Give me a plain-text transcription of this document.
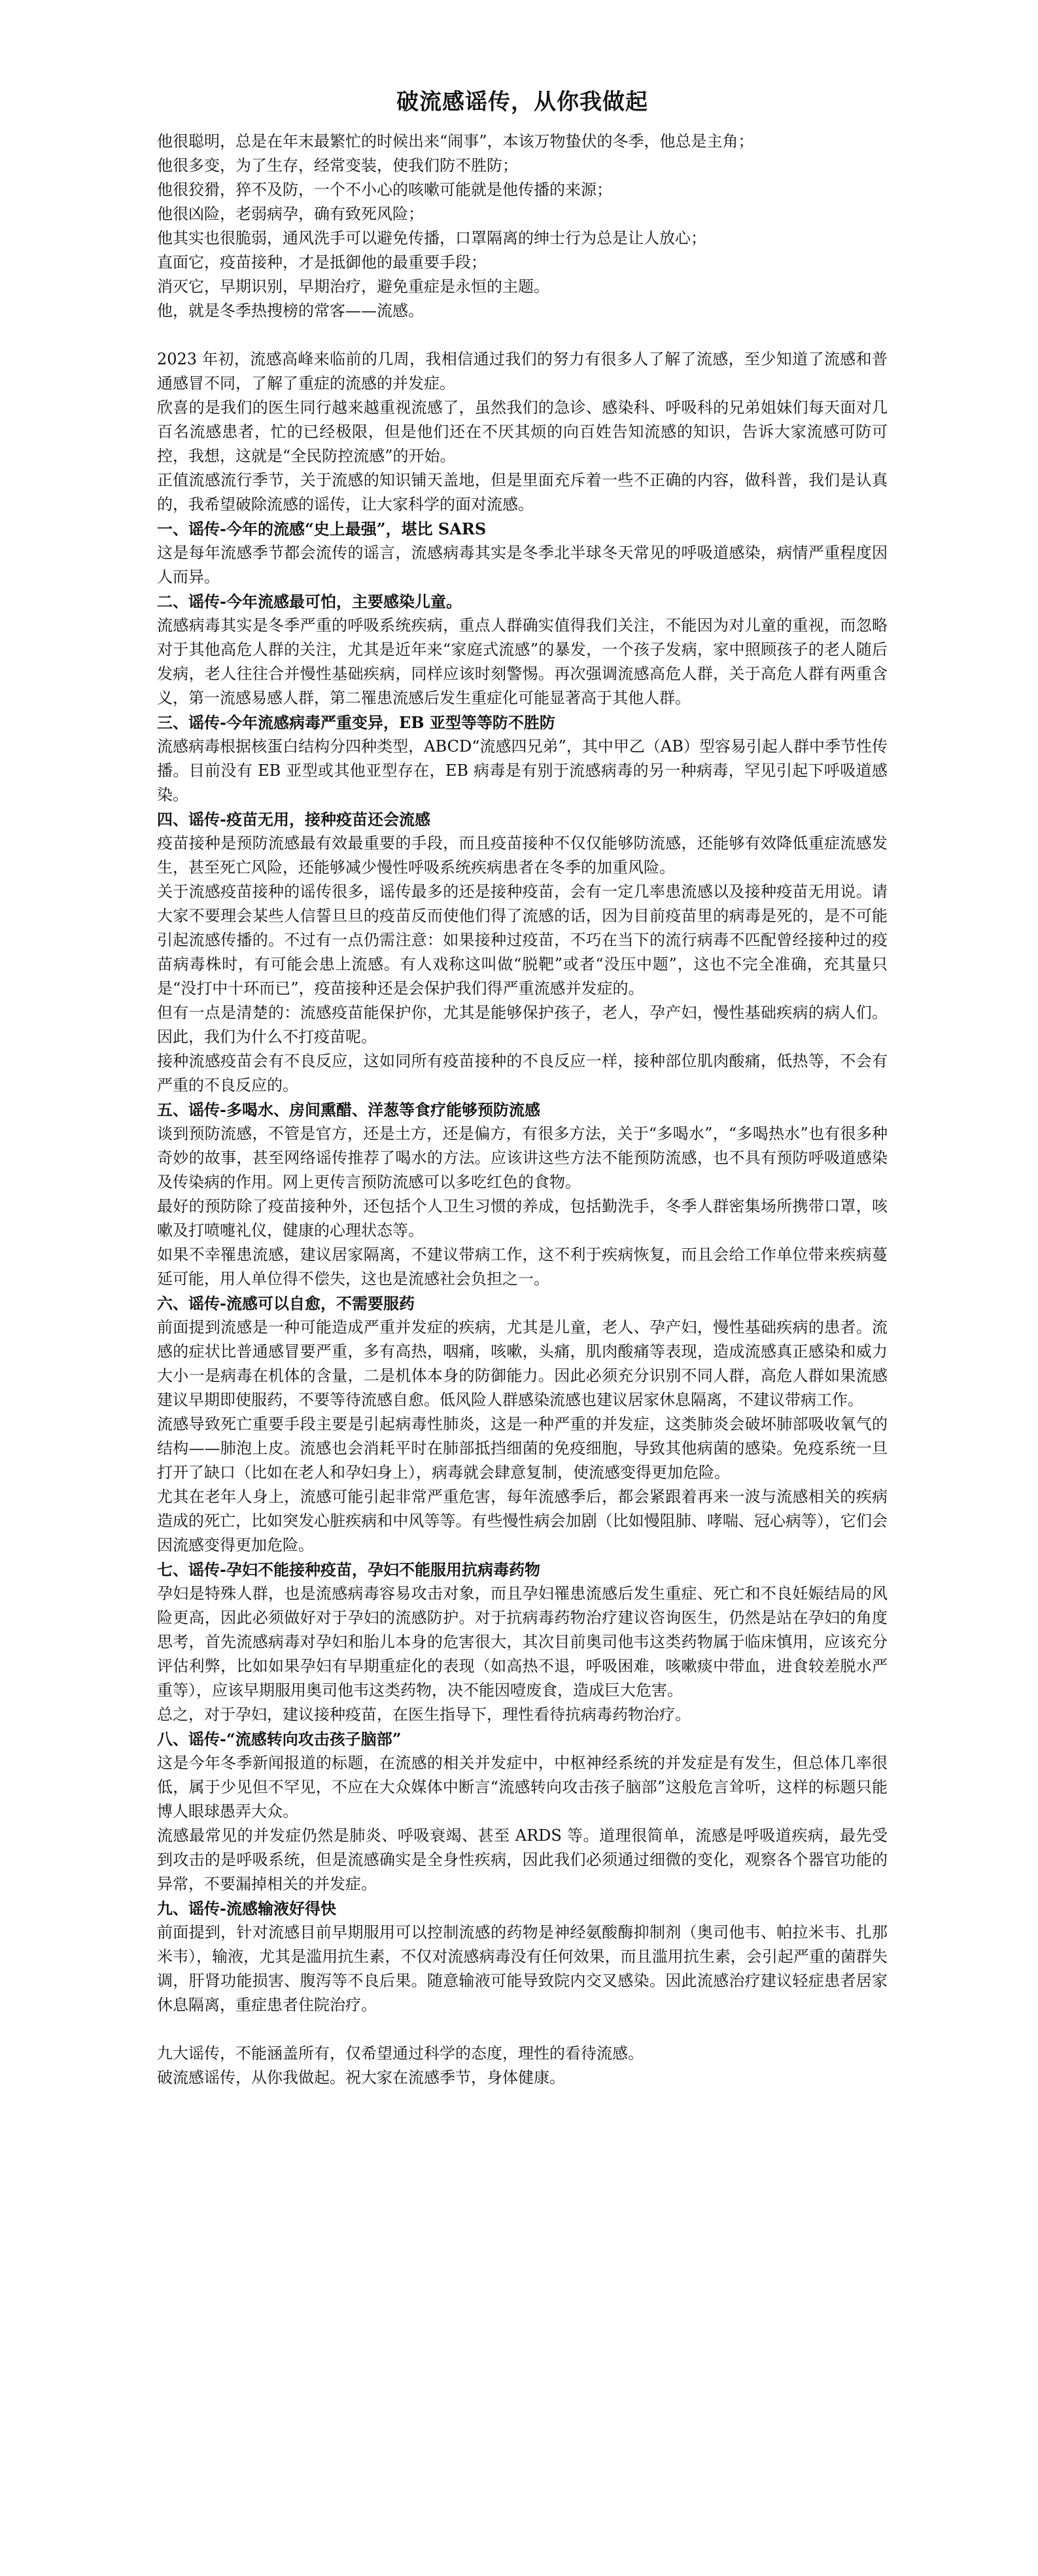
破流感谣传，从你我做起

他很聪明，总是在年末最繁忙的时候出来“闹事”，本该万物蛰伏的冬季，他总是主角；

他很多变，为了生存，经常变装，使我们防不胜防；

他很狡猾，猝不及防，一个不小心的咳嗽可能就是他传播的来源；

他很凶险，老弱病孕，确有致死风险；

他其实也很脆弱，通风洗手可以避免传播，口罩隔离的绅士行为总是让人放心；

直面它，疫苗接种，才是抵御他的最重要手段；

消灭它，早期识别，早期治疗，避免重症是永恒的主题。

他，就是冬季热搜榜的常客——流感。

2023 年初，流感高峰来临前的几周，我相信通过我们的努力有很多人了解了流感，至少知道了流感和普通感冒不同，了解了重症的流感的并发症。

欣喜的是我们的医生同行越来越重视流感了，虽然我们的急诊、感染科、呼吸科的兄弟姐妹们每天面对几百名流感患者，忙的已经极限，但是他们还在不厌其烦的向百姓告知流感的知识，告诉大家流感可防可控，我想，这就是“全民防控流感”的开始。

正值流感流行季节，关于流感的知识铺天盖地，但是里面充斥着一些不正确的内容，做科普，我们是认真的，我希望破除流感的谣传，让大家科学的面对流感。

一、谣传-今年的流感“史上最强”，堪比 SARS

这是每年流感季节都会流传的谣言，流感病毒其实是冬季北半球冬天常见的呼吸道感染，病情严重程度因人而异。

二、谣传-今年流感最可怕，主要感染儿童。

流感病毒其实是冬季严重的呼吸系统疾病，重点人群确实值得我们关注，不能因为对儿童的重视，而忽略对于其他高危人群的关注，尤其是近年来“家庭式流感”的暴发，一个孩子发病，家中照顾孩子的老人随后发病，老人往往合并慢性基础疾病，同样应该时刻警惕。再次强调流感高危人群，关于高危人群有两重含义，第一流感易感人群，第二罹患流感后发生重症化可能显著高于其他人群。

三、谣传-今年流感病毒严重变异，EB 亚型等等防不胜防

流感病毒根据核蛋白结构分四种类型，ABCD“流感四兄弟”，其中甲乙（AB）型容易引起人群中季节性传播。目前没有 EB 亚型或其他亚型存在，EB 病毒是有别于流感病毒的另一种病毒，罕见引起下呼吸道感染。

四、谣传-疫苗无用，接种疫苗还会流感

疫苗接种是预防流感最有效最重要的手段，而且疫苗接种不仅仅能够防流感，还能够有效降低重症流感发生，甚至死亡风险，还能够减少慢性呼吸系统疾病患者在冬季的加重风险。

关于流感疫苗接种的谣传很多，谣传最多的还是接种疫苗，会有一定几率患流感以及接种疫苗无用说。请大家不要理会某些人信誓旦旦的疫苗反而使他们得了流感的话，因为目前疫苗里的病毒是死的，是不可能引起流感传播的。不过有一点仍需注意：如果接种过疫苗，不巧在当下的流行病毒不匹配曾经接种过的疫苗病毒株时，有可能会患上流感。有人戏称这叫做“脱靶”或者“没压中题”，这也不完全准确，充其量只是“没打中十环而已”，疫苗接种还是会保护我们得严重流感并发症的。

但有一点是清楚的：流感疫苗能保护你，尤其是能够保护孩子，老人，孕产妇，慢性基础疾病的病人们。因此，我们为什么不打疫苗呢。

接种流感疫苗会有不良反应，这如同所有疫苗接种的不良反应一样，接种部位肌肉酸痛，低热等，不会有严重的不良反应的。

五、谣传-多喝水、房间熏醋、洋葱等食疗能够预防流感

谈到预防流感，不管是官方，还是土方，还是偏方，有很多方法，关于“多喝水”，“多喝热水”也有很多种奇妙的故事，甚至网络谣传推荐了喝水的方法。应该讲这些方法不能预防流感，也不具有预防呼吸道感染及传染病的作用。网上更传言预防流感可以多吃红色的食物。

最好的预防除了疫苗接种外，还包括个人卫生习惯的养成，包括勤洗手，冬季人群密集场所携带口罩，咳嗽及打喷嚏礼仪，健康的心理状态等。

如果不幸罹患流感，建议居家隔离，不建议带病工作，这不利于疾病恢复，而且会给工作单位带来疾病蔓延可能，用人单位得不偿失，这也是流感社会负担之一。

六、谣传-流感可以自愈，不需要服药

前面提到流感是一种可能造成严重并发症的疾病，尤其是儿童，老人、孕产妇，慢性基础疾病的患者。流感的症状比普通感冒要严重，多有高热，咽痛，咳嗽，头痛，肌肉酸痛等表现，造成流感真正感染和威力大小一是病毒在机体的含量，二是机体本身的防御能力。因此必须充分识别不同人群，高危人群如果流感建议早期即使服药，不要等待流感自愈。低风险人群感染流感也建议居家休息隔离，不建议带病工作。

流感导致死亡重要手段主要是引起病毒性肺炎，这是一种严重的并发症，这类肺炎会破坏肺部吸收氧气的结构——肺泡上皮。流感也会消耗平时在肺部抵挡细菌的免疫细胞，导致其他病菌的感染。免疫系统一旦打开了缺口（比如在老人和孕妇身上），病毒就会肆意复制，使流感变得更加危险。

尤其在老年人身上，流感可能引起非常严重危害，每年流感季后，都会紧跟着再来一波与流感相关的疾病造成的死亡，比如突发心脏疾病和中风等等。有些慢性病会加剧（比如慢阻肺、哮喘、冠心病等），它们会因流感变得更加危险。

七、谣传-孕妇不能接种疫苗，孕妇不能服用抗病毒药物

孕妇是特殊人群，也是流感病毒容易攻击对象，而且孕妇罹患流感后发生重症、死亡和不良妊娠结局的风险更高，因此必须做好对于孕妇的流感防护。对于抗病毒药物治疗建议咨询医生，仍然是站在孕妇的角度思考，首先流感病毒对孕妇和胎儿本身的危害很大，其次目前奥司他韦这类药物属于临床慎用，应该充分评估利弊，比如如果孕妇有早期重症化的表现（如高热不退，呼吸困难，咳嗽痰中带血，进食较差脱水严重等），应该早期服用奥司他韦这类药物，决不能因噎废食，造成巨大危害。

总之，对于孕妇，建议接种疫苗，在医生指导下，理性看待抗病毒药物治疗。

八、谣传-“流感转向攻击孩子脑部”

这是今年冬季新闻报道的标题，在流感的相关并发症中，中枢神经系统的并发症是有发生，但总体几率很低，属于少见但不罕见，不应在大众媒体中断言“流感转向攻击孩子脑部”这般危言耸听，这样的标题只能博人眼球愚弄大众。

流感最常见的并发症仍然是肺炎、呼吸衰竭、甚至 ARDS 等。道理很简单，流感是呼吸道疾病，最先受到攻击的是呼吸系统，但是流感确实是全身性疾病，因此我们必须通过细微的变化，观察各个器官功能的异常，不要漏掉相关的并发症。

九、谣传-流感输液好得快

前面提到，针对流感目前早期服用可以控制流感的药物是神经氨酸酶抑制剂（奥司他韦、帕拉米韦、扎那米韦），输液，尤其是滥用抗生素，不仅对流感病毒没有任何效果，而且滥用抗生素，会引起严重的菌群失调，肝肾功能损害、腹泻等不良后果。随意输液可能导致院内交叉感染。因此流感治疗建议轻症患者居家休息隔离，重症患者住院治疗。

九大谣传，不能涵盖所有，仅希望通过科学的态度，理性的看待流感。

破流感谣传，从你我做起。祝大家在流感季节，身体健康。
